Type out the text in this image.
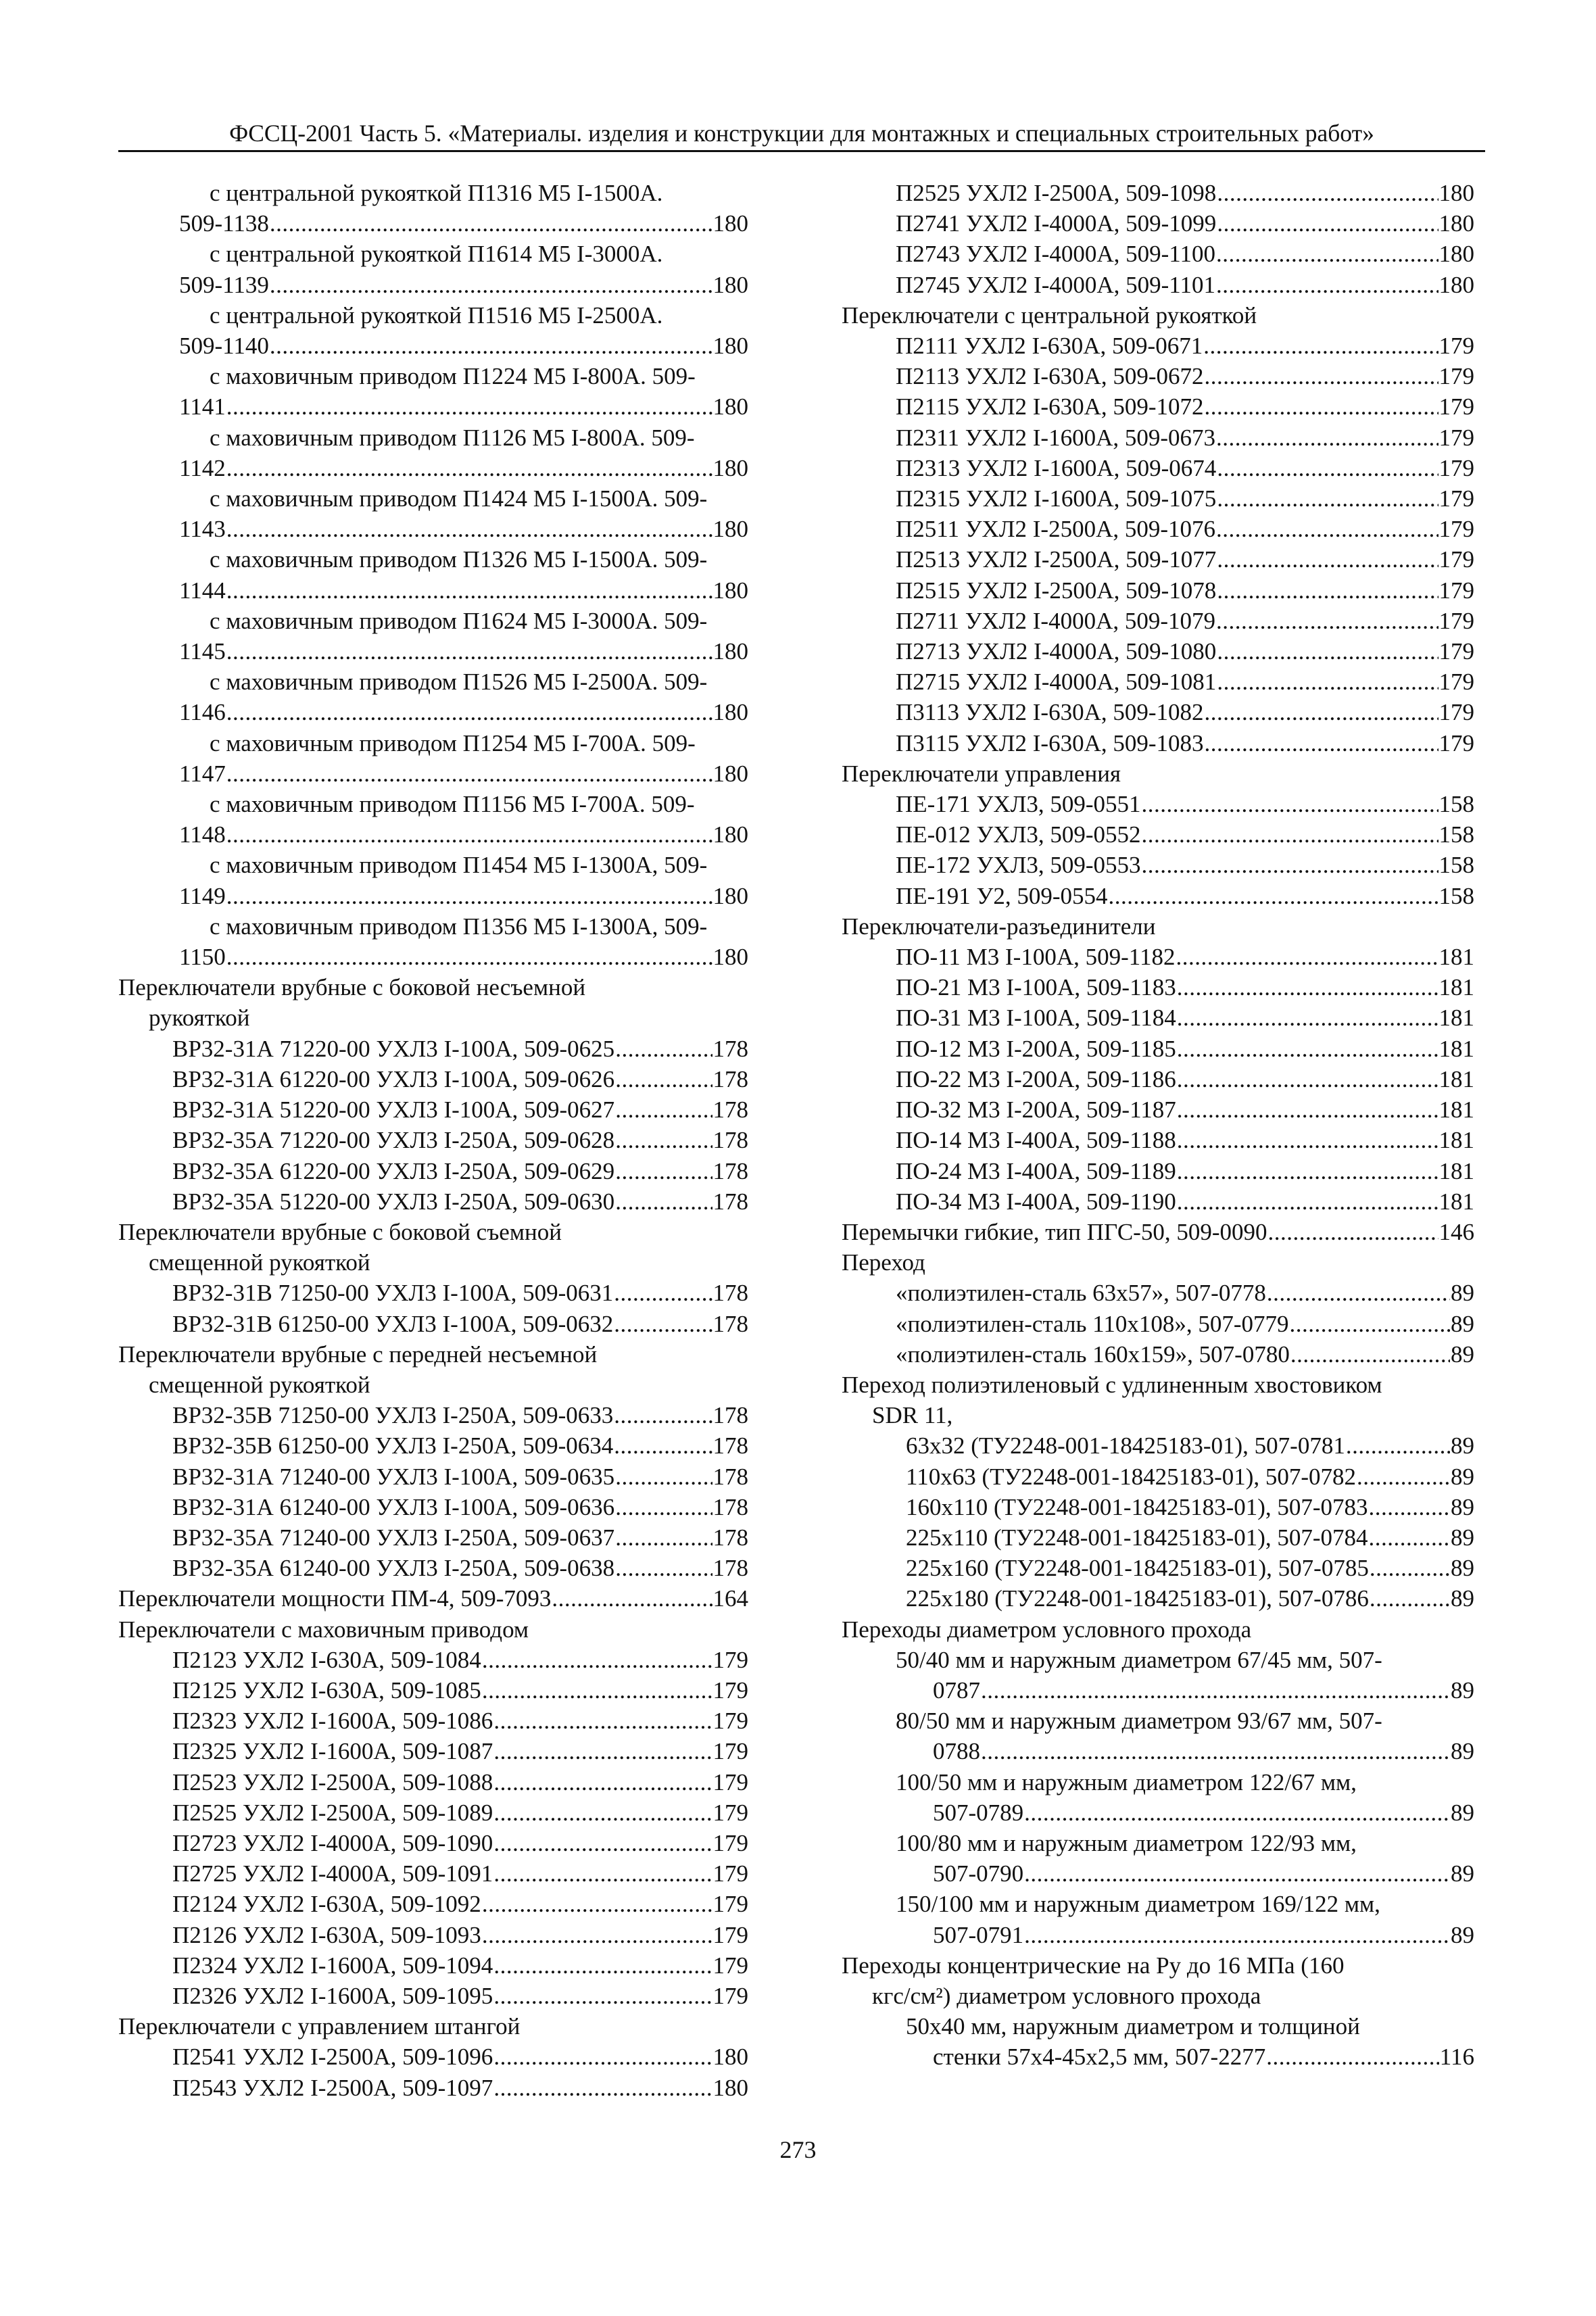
ФССЦ-2001 Часть 5. «Материалы. изделия и конструкции для монтажных и специальных строительных работ»
с центральной рукояткой П1316 М5 I-1500А.
509-1138 .....	180
с центральной рукояткой П1614 М5 I-3000А.
509-1139 .....	180
с центральной рукояткой П1516 М5 I-2500А.
509-1140 .....	180
с маховичным приводом П1224 М5 I-800А. 509-
1141 .....	180
с маховичным приводом П1126 М5 I-800А. 509-
1142 .....	180
с маховичным приводом П1424 М5 I-1500А. 509-
1143 .....	180
с маховичным приводом П1326 М5 I-1500А. 509-
1144 .....	180
с маховичным приводом П1624 М5 I-3000А. 509-
1145 .....	180
с маховичным приводом П1526 М5 I-2500А. 509-
1146 .....	180
с маховичным приводом П1254 М5 I-700А. 509-
1147 .....	180
с маховичным приводом П1156 М5 I-700А. 509-
1148 .....	180
с маховичным приводом П1454 М5 I-1300А, 509-
1149 .....	180
с маховичным приводом П1356 М5 I-1300А, 509-
1150 .....	180
Переключатели врубные с боковой несъемной
рукояткой
ВР32-31А 71220-00 УХЛ3 I-100А, 509-0625 .....	178
ВР32-31А 61220-00 УХЛ3 I-100А, 509-0626 .....	178
ВР32-31А 51220-00 УХЛ3 I-100А, 509-0627 .....	178
ВР32-35А 71220-00 УХЛ3 I-250А, 509-0628 .....	178
ВР32-35А 61220-00 УХЛ3 I-250А, 509-0629 .....	178
ВР32-35А 51220-00 УХЛ3 I-250А, 509-0630 .....	178
Переключатели врубные с боковой съемной
смещенной рукояткой
ВР32-31В 71250-00 УХЛ3 I-100А, 509-0631 .....	178
ВР32-31В 61250-00 УХЛ3 I-100А, 509-0632 .....	178
Переключатели врубные с передней несъемной
смещенной рукояткой
ВР32-35В 71250-00 УХЛ3 I-250А, 509-0633 .....	178
ВР32-35В 61250-00 УХЛ3 I-250А, 509-0634 .....	178
ВР32-31А 71240-00 УХЛ3 I-100А, 509-0635 .....	178
ВР32-31А 61240-00 УХЛ3 I-100А, 509-0636 .....	178
ВР32-35А 71240-00 УХЛ3 I-250А, 509-0637 .....	178
ВР32-35А 61240-00 УХЛ3 I-250А, 509-0638 .....	178
Переключатели мощности ПМ-4, 509-7093 .....	164
Переключатели с маховичным приводом
П2123 УХЛ2 I-630А, 509-1084 .....	179
П2125 УХЛ2 I-630А, 509-1085 .....	179
П2323 УХЛ2 I-1600А, 509-1086 .....	179
П2325 УХЛ2 I-1600А, 509-1087 .....	179
П2523 УХЛ2 I-2500А, 509-1088 .....	179
П2525 УХЛ2 I-2500А, 509-1089 .....	179
П2723 УХЛ2 I-4000А, 509-1090 .....	179
П2725 УХЛ2 I-4000А, 509-1091 .....	179
П2124 УХЛ2 I-630А, 509-1092 .....	179
П2126 УХЛ2 I-630А, 509-1093 .....	179
П2324 УХЛ2 I-1600А, 509-1094 .....	179
П2326 УХЛ2 I-1600А, 509-1095 .....	179
Переключатели с управлением штангой
П2541 УХЛ2 I-2500А, 509-1096 .....	180
П2543 УХЛ2 I-2500А, 509-1097 .....	180
П2525 УХЛ2 I-2500А, 509-1098 .....	180
П2741 УХЛ2 I-4000А, 509-1099 .....	180
П2743 УХЛ2 I-4000А, 509-1100 .....	180
П2745 УХЛ2 I-4000А, 509-1101 .....	180
Переключатели с центральной рукояткой
П2111 УХЛ2 I-630А, 509-0671 .....	179
П2113 УХЛ2 I-630А, 509-0672 .....	179
П2115 УХЛ2 I-630А, 509-1072 .....	179
П2311 УХЛ2 I-1600А, 509-0673 .....	179
П2313 УХЛ2 I-1600А, 509-0674 .....	179
П2315 УХЛ2 I-1600А, 509-1075 .....	179
П2511 УХЛ2 I-2500А, 509-1076 .....	179
П2513 УХЛ2 I-2500А, 509-1077 .....	179
П2515 УХЛ2 I-2500А, 509-1078 .....	179
П2711 УХЛ2 I-4000А, 509-1079 .....	179
П2713 УХЛ2 I-4000А, 509-1080 .....	179
П2715 УХЛ2 I-4000А, 509-1081 .....	179
П3113 УХЛ2 I-630А, 509-1082 .....	179
П3115 УХЛ2 I-630А, 509-1083 .....	179
Переключатели управления
ПЕ-171 УХЛ3, 509-0551 .....	158
ПЕ-012 УХЛ3, 509-0552 .....	158
ПЕ-172 УХЛ3, 509-0553 .....	158
ПЕ-191 У2, 509-0554 .....	158
Переключатели-разъединители
ПО-11 М3 I-100А, 509-1182 .....	181
ПО-21 М3 I-100А, 509-1183 .....	181
ПО-31 М3 I-100А, 509-1184 .....	181
ПО-12 М3 I-200А, 509-1185 .....	181
ПО-22 М3 I-200А, 509-1186 .....	181
ПО-32 М3 I-200А, 509-1187 .....	181
ПО-14 М3 I-400А, 509-1188 .....	181
ПО-24 М3 I-400А, 509-1189 .....	181
ПО-34 М3 I-400А, 509-1190 .....	181
Перемычки гибкие, тип ПГС-50, 509-0090 .....	146
Переход
«полиэтилен-сталь 63x57», 507-0778 .....	89
«полиэтилен-сталь 110x108», 507-0779 .....	89
«полиэтилен-сталь 160x159», 507-0780 .....	89
Переход полиэтиленовый с удлиненным хвостовиком
SDR 11,
63x32 (ТУ2248-001-18425183-01), 507-0781 .....	89
110x63 (ТУ2248-001-18425183-01), 507-0782 .....	89
160x110 (ТУ2248-001-18425183-01), 507-0783 .....	89
225x110 (ТУ2248-001-18425183-01), 507-0784 .....	89
225x160 (ТУ2248-001-18425183-01), 507-0785 .....	89
225x180 (ТУ2248-001-18425183-01), 507-0786 .....	89
Переходы диаметром условного прохода
50/40 мм и наружным диаметром 67/45 мм, 507-
0787 .....	89
80/50 мм и наружным диаметром 93/67 мм, 507-
0788 .....	89
100/50 мм и наружным диаметром 122/67 мм,
507-0789 .....	89
100/80 мм и наружным диаметром 122/93 мм,
507-0790 .....	89
150/100 мм и наружным диаметром 169/122 мм,
507-0791 .....	89
Переходы концентрические на Ру до 16 МПа (160
кгс/см²) диаметром условного прохода
50x40 мм, наружным диаметром и толщиной
стенки 57x4-45x2,5 мм, 507-2277 .....	116
273
